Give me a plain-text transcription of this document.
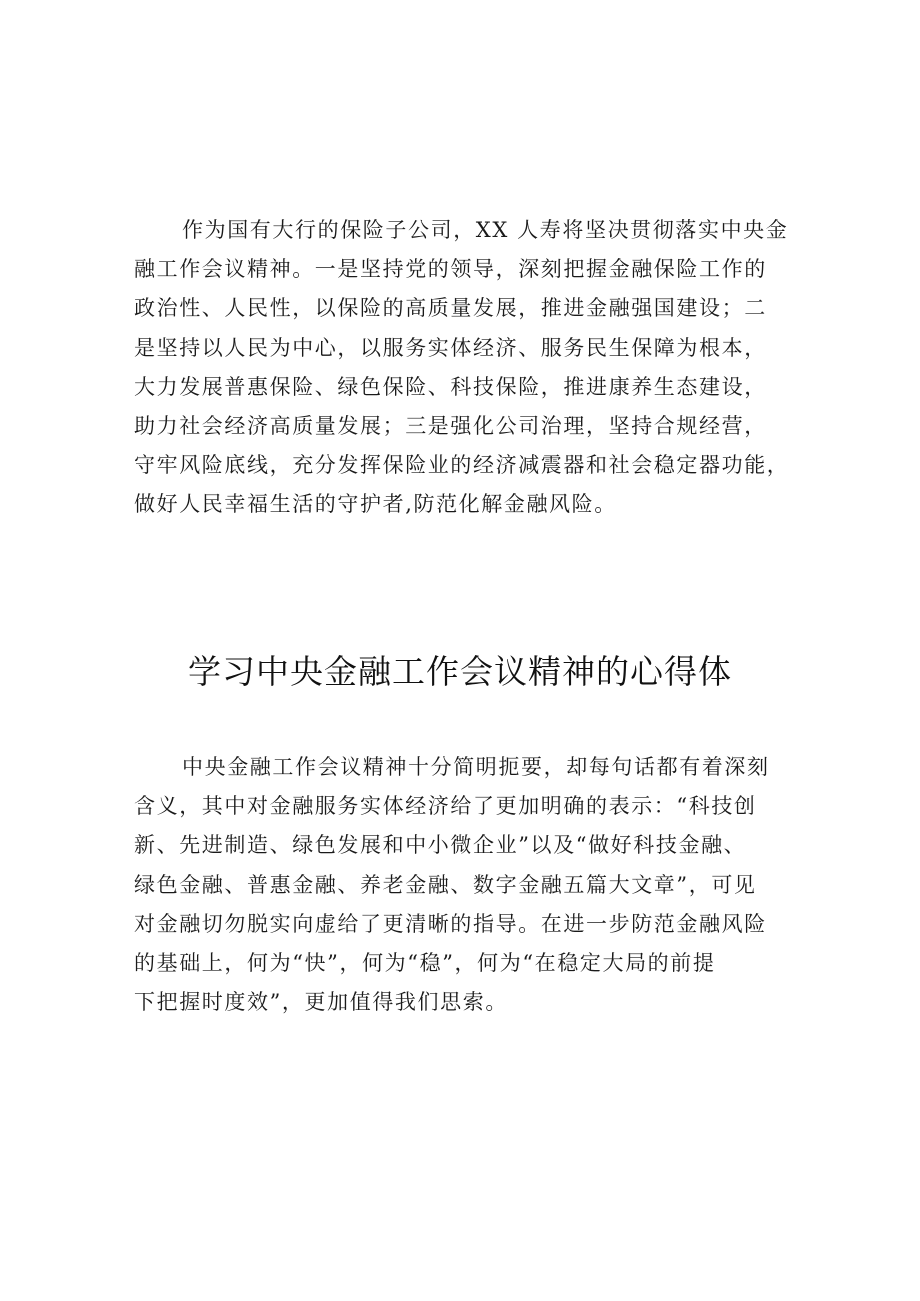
作为国有大行的保险子公司，XX 人寿将坚决贯彻落实中央金
融工作会议精神。一是坚持党的领导，深刻把握金融保险工作的
政治性、人民性，以保险的高质量发展，推进金融强国建设；二
是坚持以人民为中心，以服务实体经济、服务民生保障为根本，
大力发展普惠保险、绿色保险、科技保险，推进康养生态建设，
助力社会经济高质量发展；三是强化公司治理，坚持合规经营，
守牢风险底线，充分发挥保险业的经济减震器和社会稳定器功能，
做好人民幸福生活的守护者,防范化解金融风险。

学习中央金融工作会议精神的心得体

中央金融工作会议精神十分简明扼要，却每句话都有着深刻
含义，其中对金融服务实体经济给了更加明确的表示：“科技创
新、先进制造、绿色发展和中小微企业”以及“做好科技金融、
绿色金融、普惠金融、养老金融、数字金融五篇大文章”，可见
对金融切勿脱实向虚给了更清晰的指导。在进一步防范金融风险
的基础上，何为“快”，何为“稳”，何为“在稳定大局的前提
下把握时度效”，更加值得我们思索。
